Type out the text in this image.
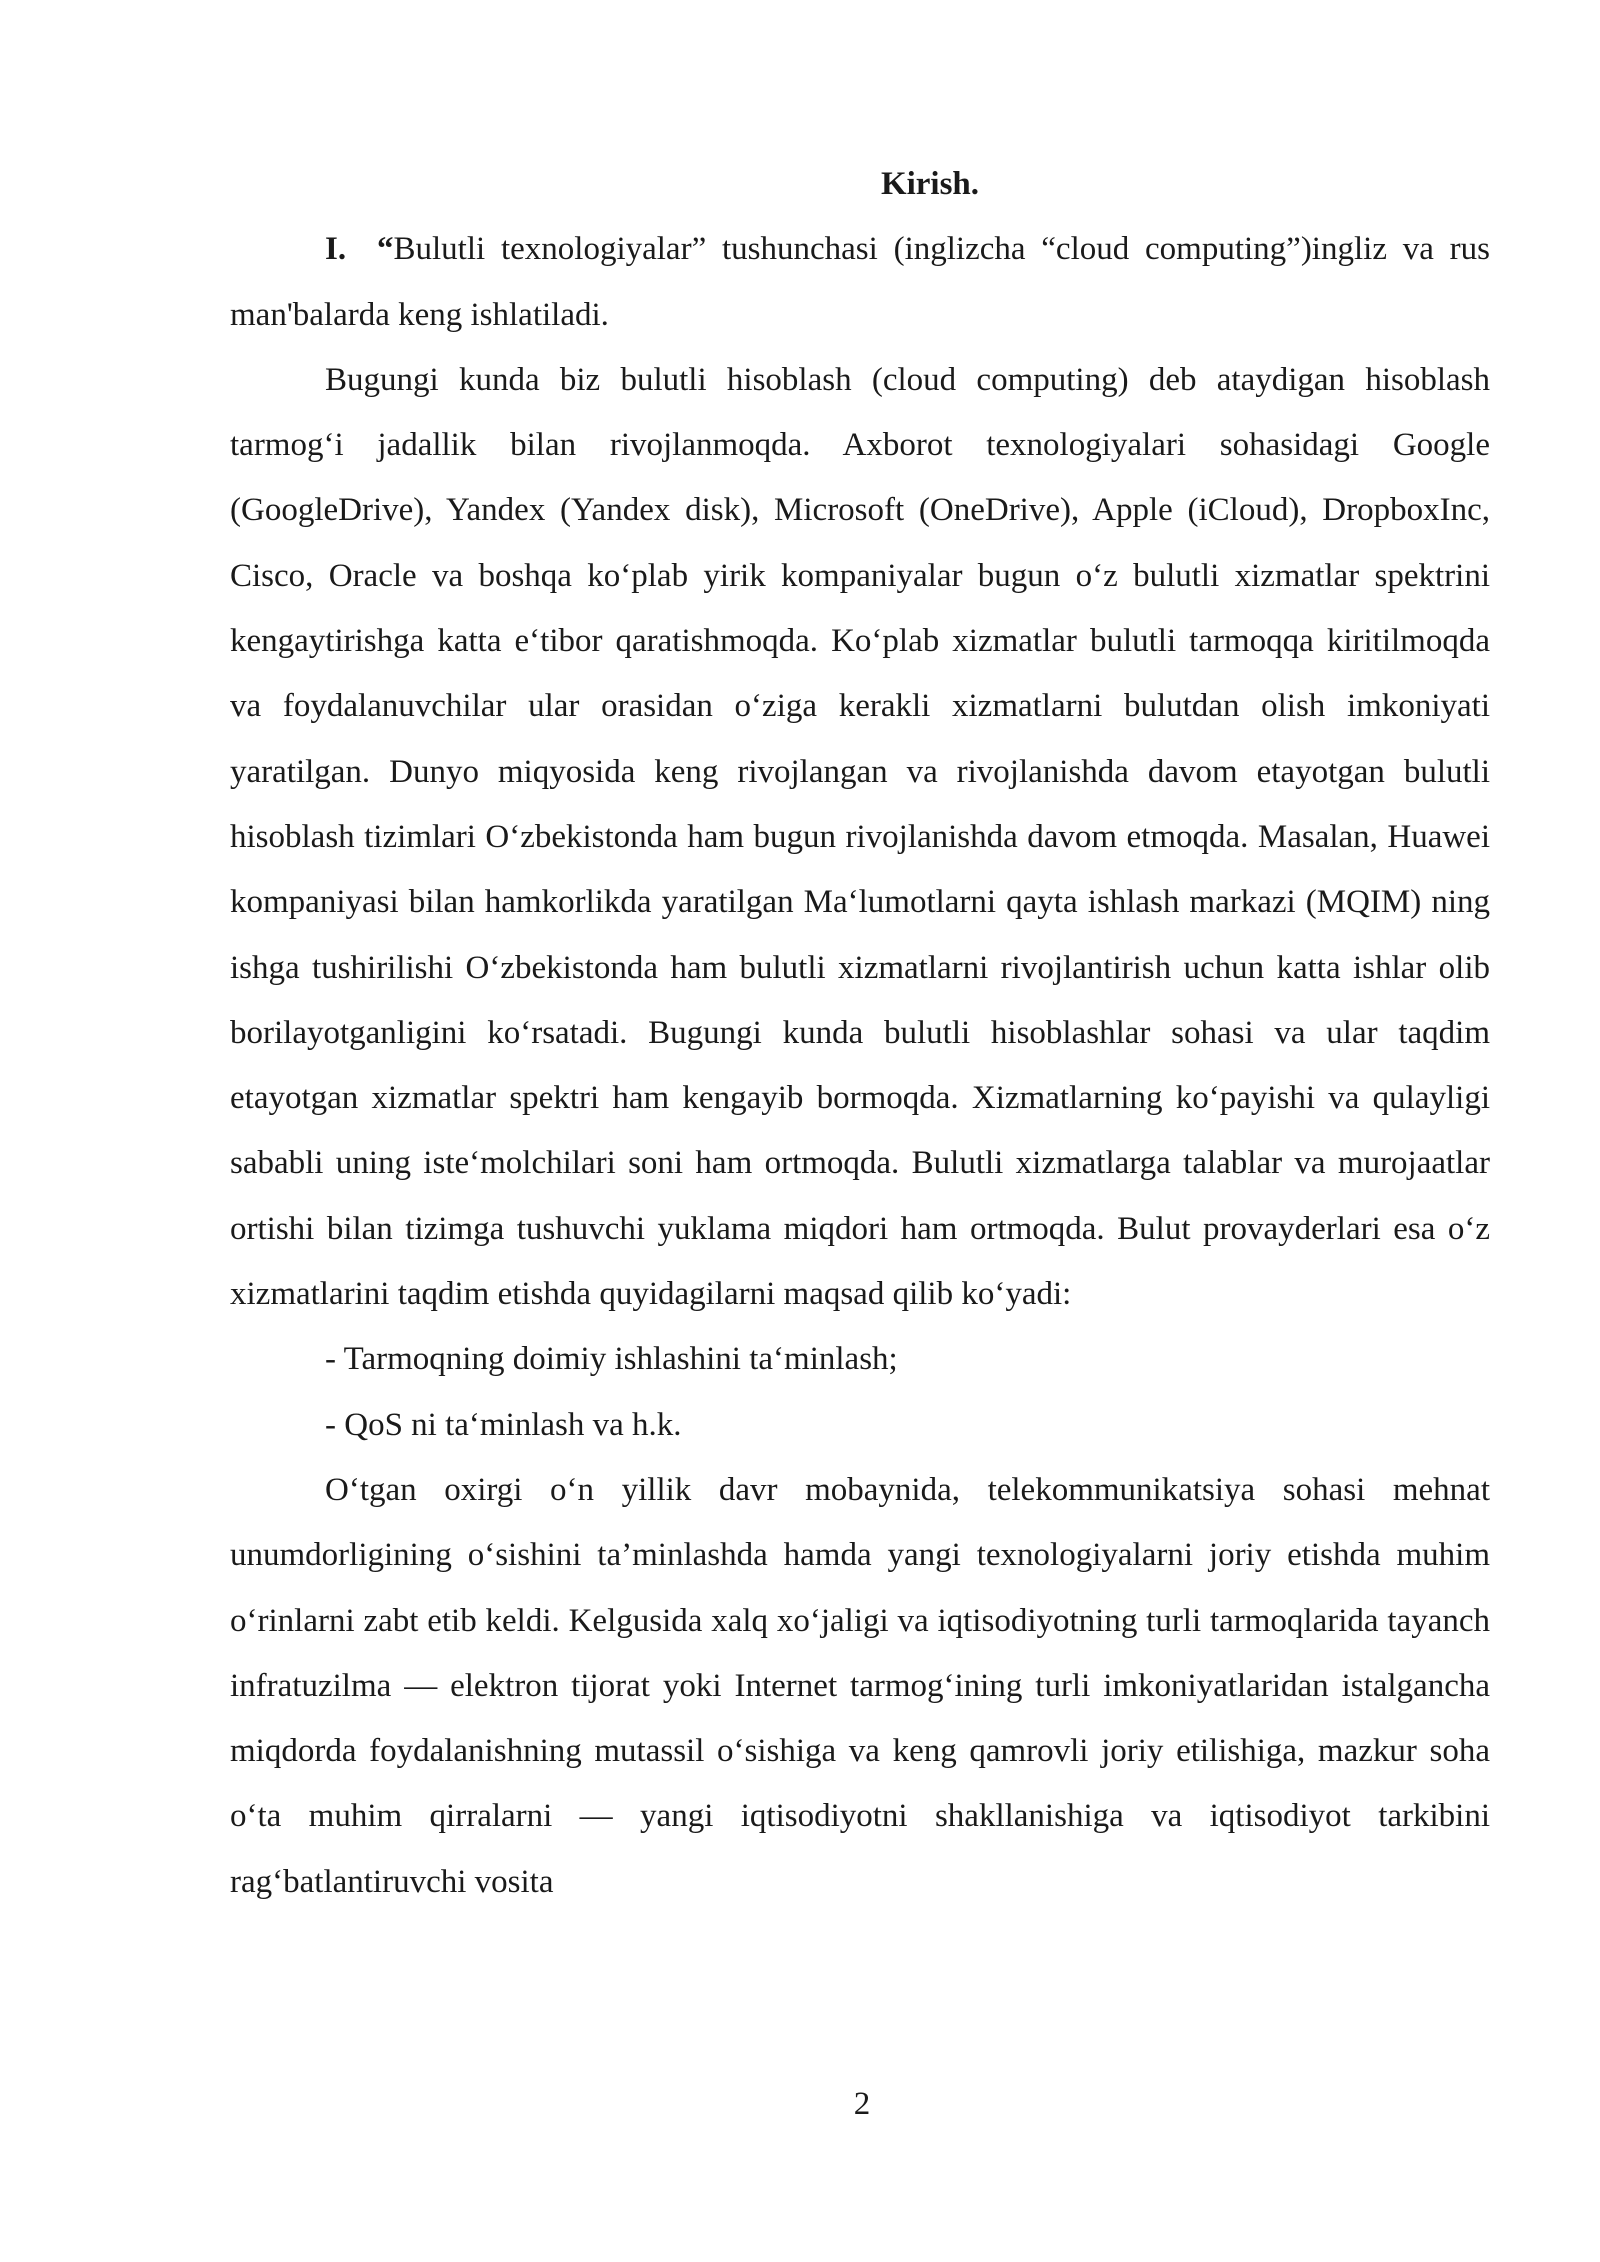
Kirish.

I. “Bulutli texnologiyalar” tushunchasi (inglizcha “cloud computing”)ingliz va rus man'balarda keng ishlatiladi.

Bugungi kunda biz bulutli hisoblash (cloud computing) deb ataydigan hisoblash tarmog‘i jadallik bilan rivojlanmoqda. Axborot texnologiyalari sohasidagi Google (GoogleDrive), Yandex (Yandex disk), Microsoft (OneDrive), Apple (iCloud), DropboxInc, Cisco, Oracle va boshqa ko‘plab yirik kompaniyalar bugun o‘z bulutli xizmatlar spektrini kengaytirishga katta e‘tibor qaratishmoqda. Ko‘plab xizmatlar bulutli tarmoqqa kiritilmoqda va foydalanuvchilar ular orasidan o‘ziga kerakli xizmatlarni bulutdan olish imkoniyati yaratilgan. Dunyo miqyosida keng rivojlangan va rivojlanishda davom etayotgan bulutli hisoblash tizimlari O‘zbekistonda ham bugun rivojlanishda davom etmoqda. Masalan, Huawei kompaniyasi bilan hamkorlikda yaratilgan Ma‘lumotlarni qayta ishlash markazi (MQIM) ning ishga tushirilishi O‘zbekistonda ham bulutli xizmatlarni rivojlantirish uchun katta ishlar olib borilayotganligini ko‘rsatadi. Bugungi kunda bulutli hisoblashlar sohasi va ular taqdim etayotgan xizmatlar spektri ham kengayib bormoqda. Xizmatlarning ko‘payishi va qulayligi sababli uning iste‘molchilari soni ham ortmoqda. Bulutli xizmatlarga talablar va murojaatlar ortishi bilan tizimga tushuvchi yuklama miqdori ham ortmoqda. Bulut provayderlari esa o‘z xizmatlarini taqdim etishda quyidagilarni maqsad qilib ko‘yadi:

- Tarmoqning doimiy ishlashini ta‘minlash;

- QoS ni ta‘minlash va h.k.

O‘tgan oxirgi o‘n yillik davr mobaynida, telekommunikatsiya sohasi mehnat unumdorligining o‘sishini ta’minlashda hamda yangi texnologiyalarni joriy etishda muhim o‘rinlarni zabt etib keldi. Kelgusida xalq xo‘jaligi va iqtisodiyotning turli tarmoqlarida tayanch infratuzilma — elektron tijorat yoki Internet tarmog‘ining turli imkoniyatlaridan istalgancha miqdorda foydalanishning mutassil o‘sishiga va keng qamrovli joriy etilishiga, mazkur soha o‘ta muhim qirralarni — yangi iqtisodiyotni shakllanishiga va iqtisodiyot tarkibini rag‘batlantiruvchi vosita

2
